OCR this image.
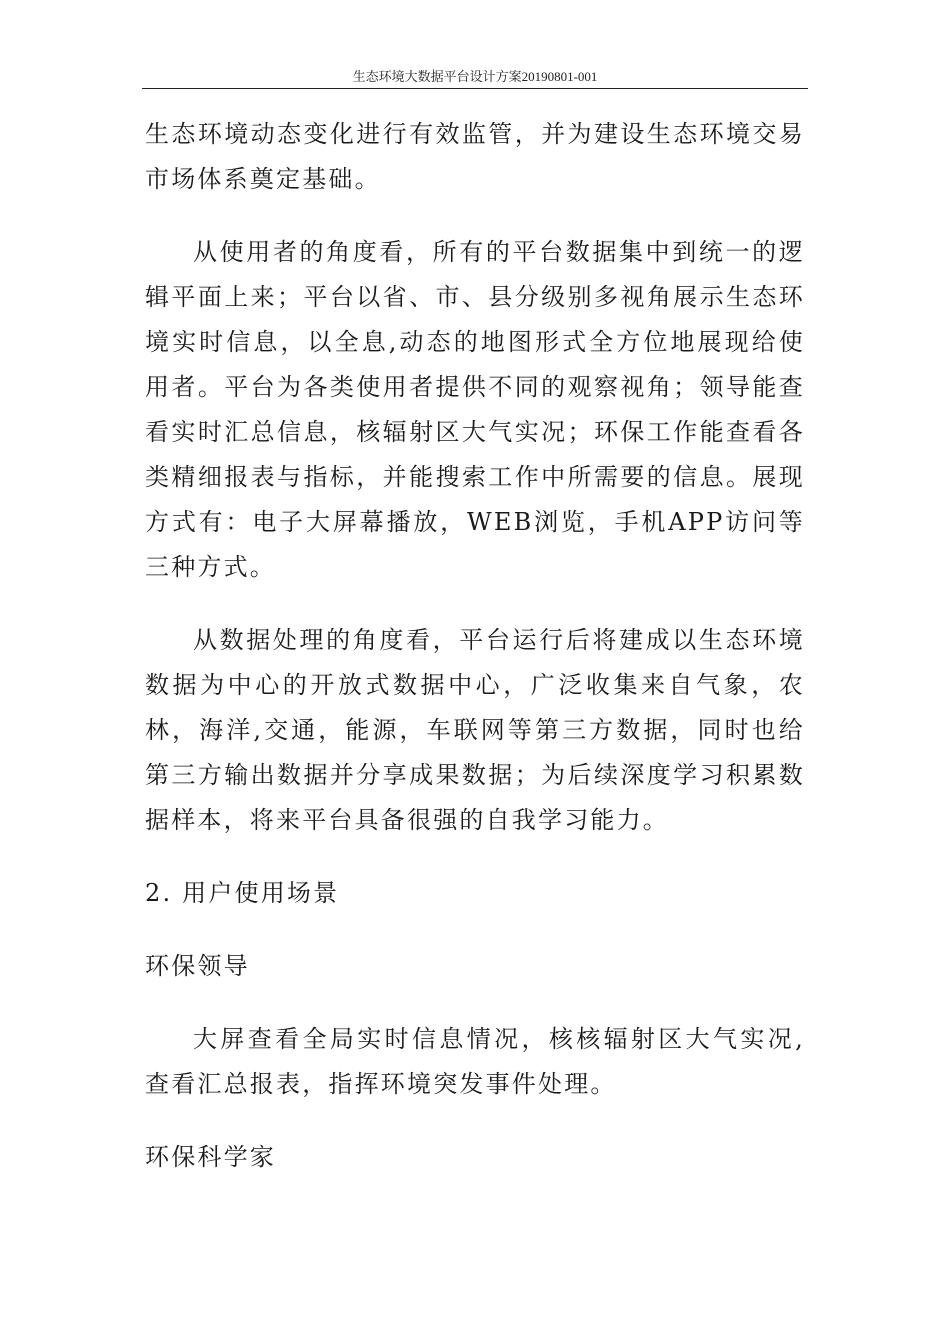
生态环境大数据平台设计方案20190801-001

生态环境动态变化进行有效监管，并为建设生态环境交易市场体系奠定基础。

从使用者的角度看，所有的平台数据集中到统一的逻辑平面上来；平台以省、市、县分级别多视角展示生态环境实时信息，以全息,动态的地图形式全方位地展现给使用者。平台为各类使用者提供不同的观察视角；领导能查看实时汇总信息，核辐射区大气实况；环保工作能查看各类精细报表与指标，并能搜索工作中所需要的信息。展现方式有：电子大屏幕播放，WEB浏览，手机APP访问等三种方式。

从数据处理的角度看，平台运行后将建成以生态环境数据为中心的开放式数据中心，广泛收集来自气象，农林，海洋,交通，能源，车联网等第三方数据，同时也给第三方输出数据并分享成果数据；为后续深度学习积累数据样本，将来平台具备很强的自我学习能力。

2. 用户使用场景

环保领导

大屏查看全局实时信息情况，核核辐射区大气实况,查看汇总报表，指挥环境突发事件处理。

环保科学家
